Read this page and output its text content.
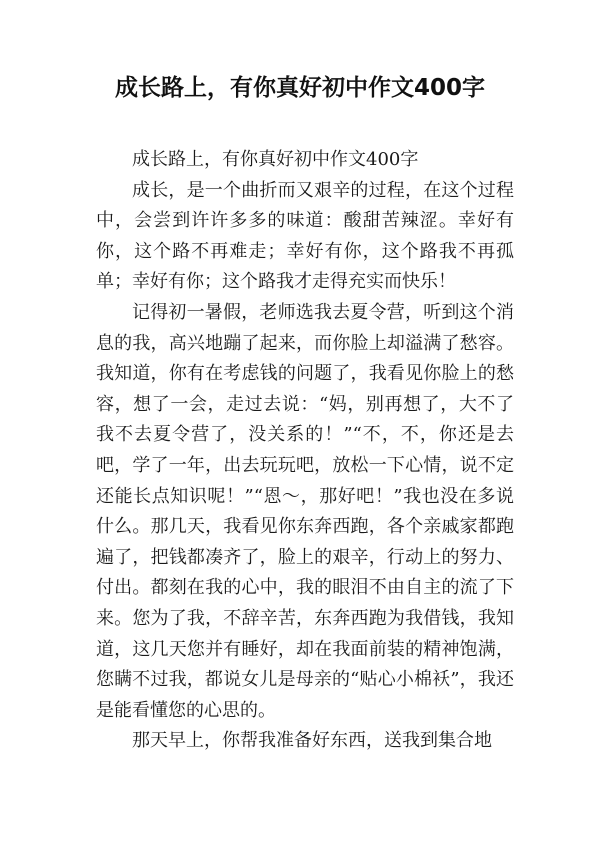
成长路上，有你真好初中作文400字

成长路上，有你真好初中作文400字

成长，是一个曲折而又艰辛的过程，在这个过程中，会尝到许许多多的味道：酸甜苦辣涩。幸好有你，这个路不再难走；幸好有你，这个路我不再孤单；幸好有你；这个路我才走得充实而快乐！

记得初一暑假，老师选我去夏令营，听到这个消息的我，高兴地蹦了起来，而你脸上却溢满了愁容。我知道，你有在考虑钱的问题了，我看见你脸上的愁容，想了一会，走过去说：“妈，别再想了，大不了我不去夏令营了，没关系的！”“不，不，你还是去吧，学了一年，出去玩玩吧，放松一下心情，说不定还能长点知识呢！”“恩～，那好吧！”我也没在多说什么。那几天，我看见你东奔西跑，各个亲戚家都跑遍了，把钱都凑齐了，脸上的艰辛，行动上的努力、付出。都刻在我的心中，我的眼泪不由自主的流了下来。您为了我，不辞辛苦，东奔西跑为我借钱，我知道，这几天您并有睡好，却在我面前装的精神饱满，您瞒不过我，都说女儿是母亲的“贴心小棉袄”，我还是能看懂您的心思的。

那天早上，你帮我准备好东西，送我到集合地
